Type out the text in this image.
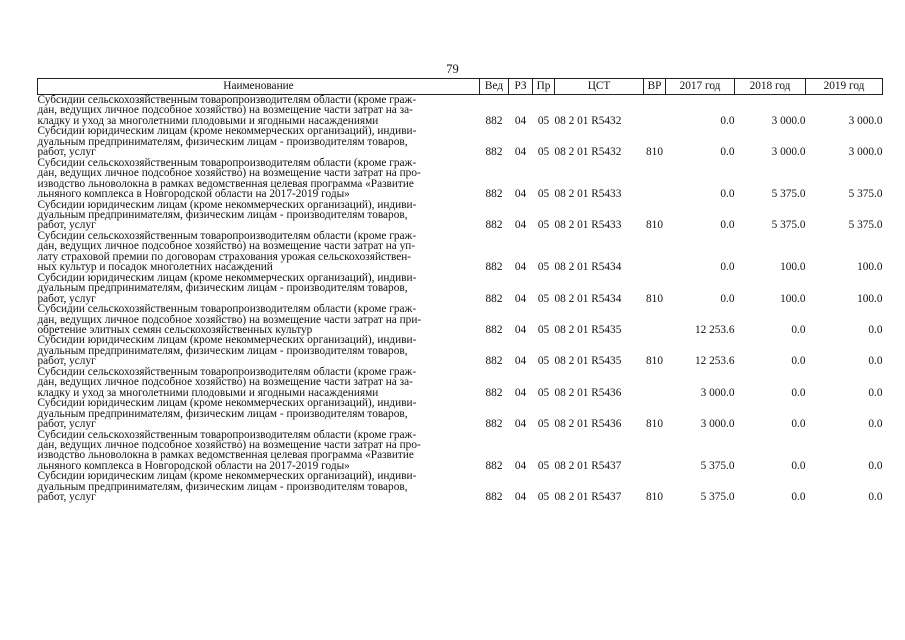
79
Наименование	Вед	РЗ	Пр	ЦСТ	ВР	2017 год	2018 год	2019 год

Субсидии сельскохозяйственным товаропроизводителям области (кроме граж-
дан, ведущих личное подсобное хозяйство) на возмещение части затрат на за-
кладку и уход за многолетними плодовыми и ягодными насаждениями	882	04	05	08 2 01 R5432		0.0	3 000.0	3 000.0

Субсидии юридическим лицам (кроме некоммерческих организаций), индиви-
дуальным предпринимателям, физическим лицам - производителям товаров,
работ, услуг	882	04	05	08 2 01 R5432	810	0.0	3 000.0	3 000.0

Субсидии сельскохозяйственным товаропроизводителям области (кроме граж-
дан, ведущих личное подсобное хозяйство) на возмещение части затрат на про-
изводство льноволокна в рамках ведомственная целевая программа «Развитие
льняного комплекса в Новгородской области на 2017-2019 годы»	882	04	05	08 2 01 R5433		0.0	5 375.0	5 375.0

Субсидии юридическим лицам (кроме некоммерческих организаций), индиви-
дуальным предпринимателям, физическим лицам - производителям товаров,
работ, услуг	882	04	05	08 2 01 R5433	810	0.0	5 375.0	5 375.0

Субсидии сельскохозяйственным товаропроизводителям области (кроме граж-
дан, ведущих личное подсобное хозяйство) на возмещение части затрат на уп-
лату страховой премии по договорам страхования урожая сельскохозяйствен-
ных культур и посадок многолетних насаждений	882	04	05	08 2 01 R5434		0.0	100.0	100.0

Субсидии юридическим лицам (кроме некоммерческих организаций), индиви-
дуальным предпринимателям, физическим лицам - производителям товаров,
работ, услуг	882	04	05	08 2 01 R5434	810	0.0	100.0	100.0

Субсидии сельскохозяйственным товаропроизводителям области (кроме граж-
дан, ведущих личное подсобное хозяйство) на возмещение части затрат на при-
обретение элитных семян сельскохозяйственных культур	882	04	05	08 2 01 R5435		12 253.6	0.0	0.0

Субсидии юридическим лицам (кроме некоммерческих организаций), индиви-
дуальным предпринимателям, физическим лицам - производителям товаров,
работ, услуг	882	04	05	08 2 01 R5435	810	12 253.6	0.0	0.0

Субсидии сельскохозяйственным товаропроизводителям области (кроме граж-
дан, ведущих личное подсобное хозяйство) на возмещение части затрат на за-
кладку и уход за многолетними плодовыми и ягодными насаждениями	882	04	05	08 2 01 R5436		3 000.0	0.0	0.0

Субсидии юридическим лицам (кроме некоммерческих организаций), индиви-
дуальным предпринимателям, физическим лицам - производителям товаров,
работ, услуг	882	04	05	08 2 01 R5436	810	3 000.0	0.0	0.0

Субсидии сельскохозяйственным товаропроизводителям области (кроме граж-
дан, ведущих личное подсобное хозяйство) на возмещение части затрат на про-
изводство льноволокна в рамках ведомственная целевая программа «Развитие
льняного комплекса в Новгородской области на 2017-2019 годы»	882	04	05	08 2 01 R5437		5 375.0	0.0	0.0

Субсидии юридическим лицам (кроме некоммерческих организаций), индиви-
дуальным предпринимателям, физическим лицам - производителям товаров,
работ, услуг	882	04	05	08 2 01 R5437	810	5 375.0	0.0	0.0
